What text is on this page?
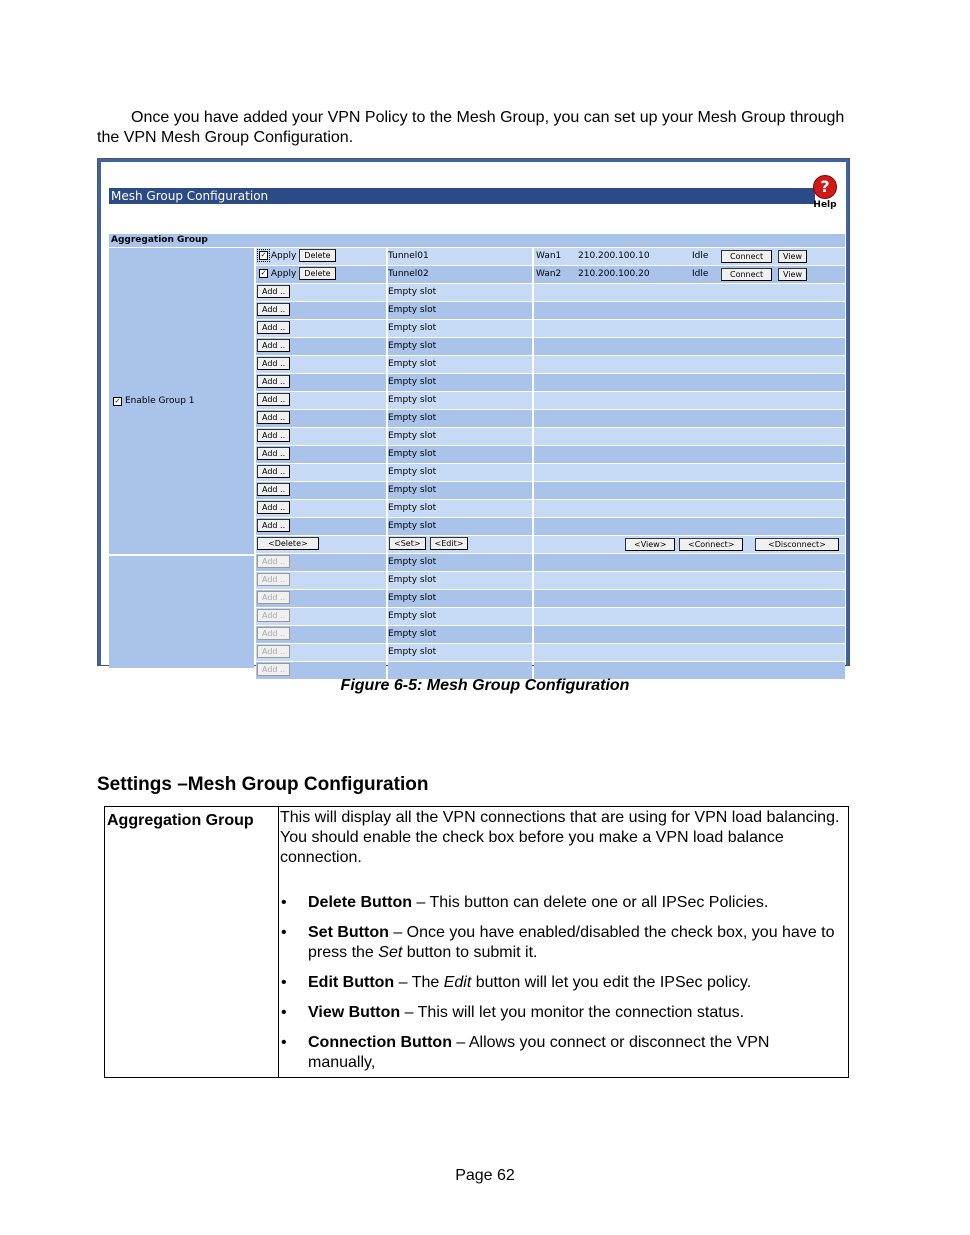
Once you have added your VPN Policy to the Mesh Group, you can set up your Mesh Group through the VPN Mesh Group Configuration.

Mesh Group Configuration	?
Help
Aggregation Group
✓ Enable Group 1
✓ Apply Delete	Tunnel01	Wan1 210.200.100.10	Idle	Connect	View
✓ Apply Delete	Tunnel02	Wan2 210.200.100.20	Idle	Connect	View
Add ..	Empty slot
Add ..	Empty slot
Add ..	Empty slot
Add ..	Empty slot
Add ..	Empty slot
Add ..	Empty slot
Add ..	Empty slot
Add ..	Empty slot
Add ..	Empty slot
Add ..	Empty slot
Add ..	Empty slot
Add ..	Empty slot
Add ..	Empty slot
Add ..	Empty slot
<Delete>	<Set> <Edit>	<View>	<Connect>	<Disconnect>
Add ..	Empty slot
Add ..	Empty slot
Add ..	Empty slot
Add ..	Empty slot
Add ..	Empty slot
Add ..	Empty slot
Add ..
Figure 6-5: Mesh Group Configuration
Settings –Mesh Group Configuration
Aggregation Group	This will display all the VPN connections that are using for VPN load balancing. You should enable the check box before you make a VPN load balance connection.

• Delete Button – This button can delete one or all IPSec Policies.
• Set Button – Once you have enabled/disabled the check box, you have to press the Set button to submit it.
• Edit Button – The Edit button will let you edit the IPSec policy.
• View Button – This will let you monitor the connection status.
• Connection Button – Allows you connect or disconnect the VPN manually,
Page 62
